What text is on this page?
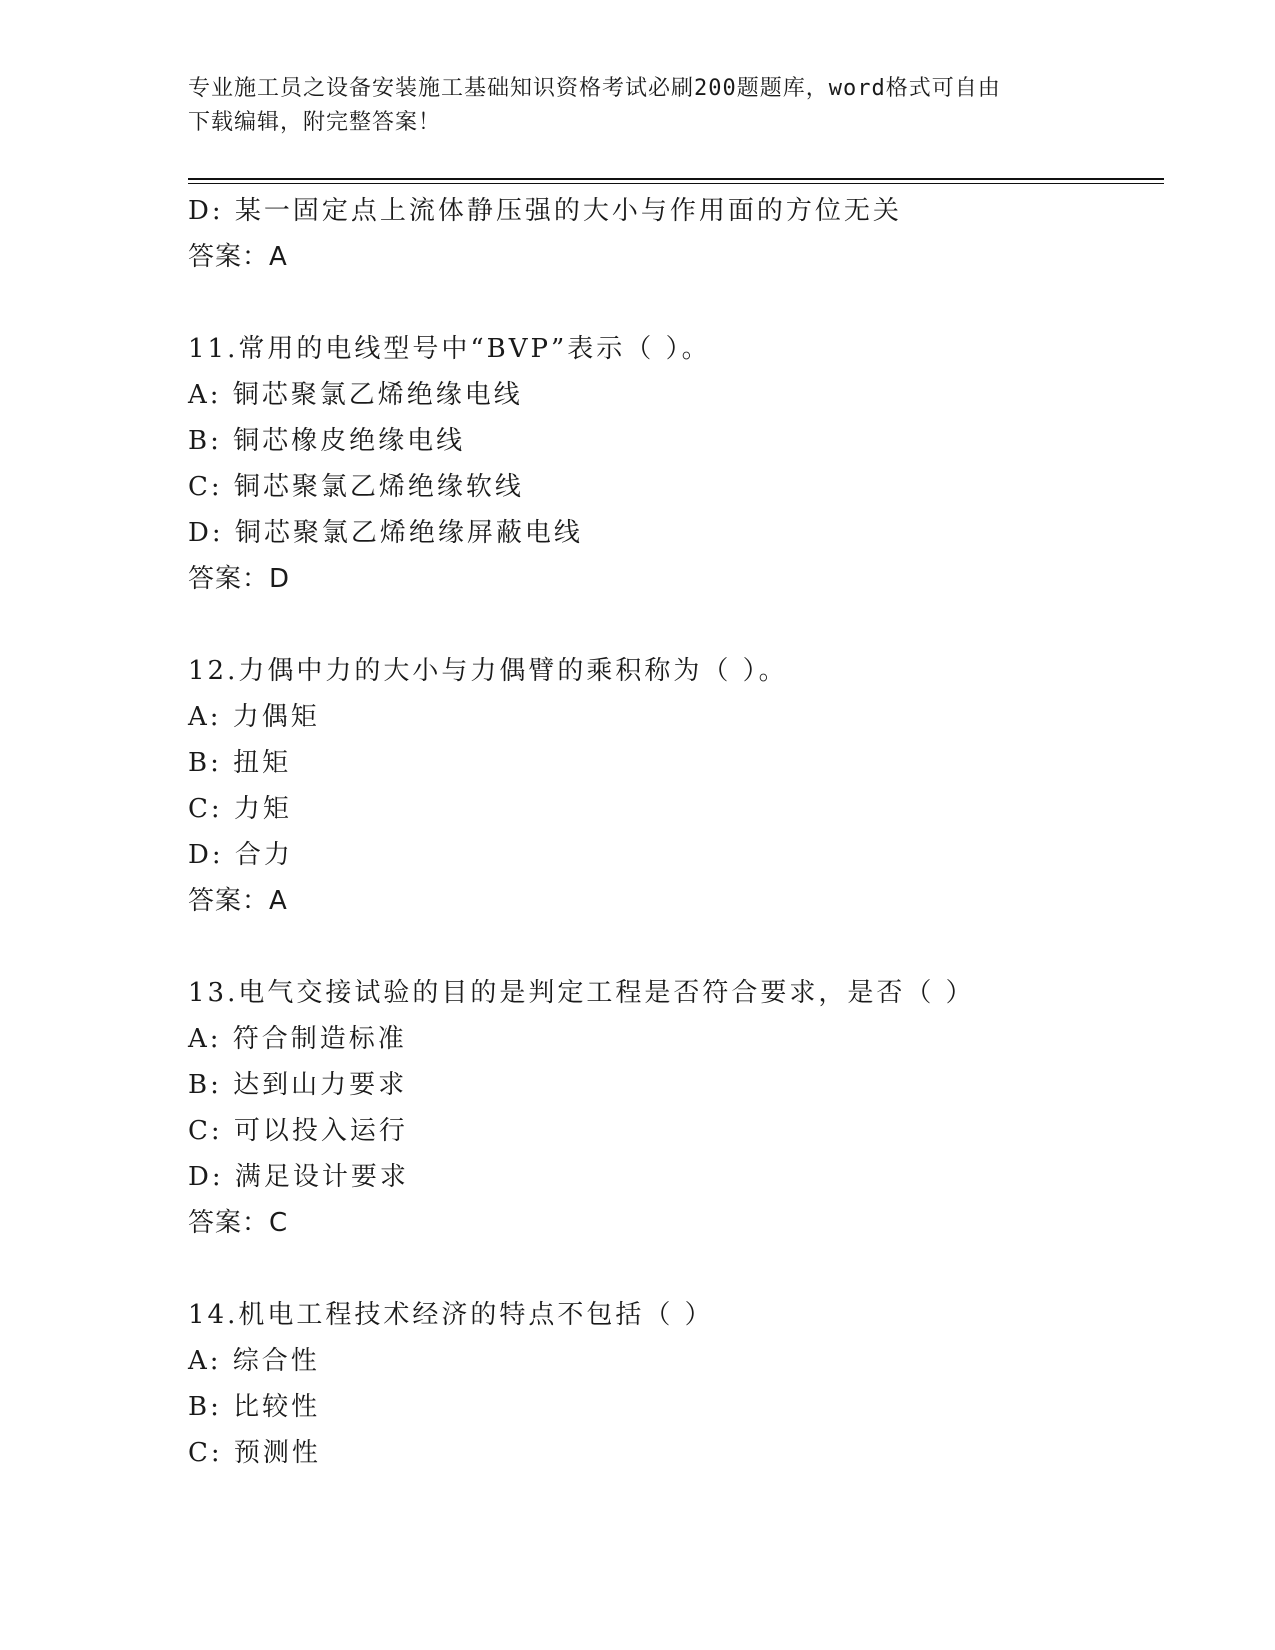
专业施工员之设备安装施工基础知识资格考试必刷200题题库，word格式可自由
下载编辑，附完整答案！
D: 某一固定点上流体静压强的大小与作用面的方位无关
答案：A
11.常用的电线型号中“BVP”表示（ ）。
A: 铜芯聚氯乙烯绝缘电线
B: 铜芯橡皮绝缘电线
C: 铜芯聚氯乙烯绝缘软线
D: 铜芯聚氯乙烯绝缘屏蔽电线
答案：D
12.力偶中力的大小与力偶臂的乘积称为（ ）。
A: 力偶矩
B: 扭矩
C: 力矩
D: 合力
答案：A
13.电气交接试验的目的是判定工程是否符合要求，是否（ ）
A: 符合制造标准
B: 达到山力要求
C: 可以投入运行
D: 满足设计要求
答案：C
14.机电工程技术经济的特点不包括（ ）
A: 综合性
B: 比较性
C: 预测性
